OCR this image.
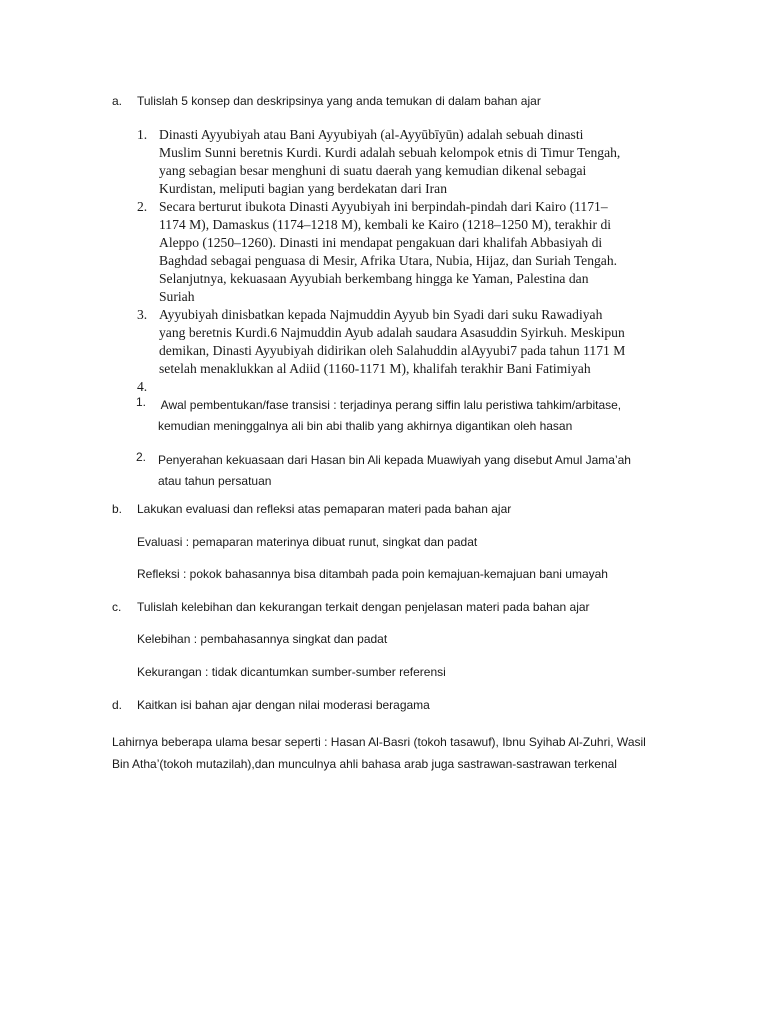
a. Tulislah 5 konsep dan deskripsinya yang anda temukan di dalam bahan ajar
1. Dinasti Ayyubiyah atau Bani Ayyubiyah (al-Ayyūbīyūn) adalah sebuah dinasti
Muslim Sunni beretnis Kurdi. Kurdi adalah sebuah kelompok etnis di Timur Tengah,
yang sebagian besar menghuni di suatu daerah yang kemudian dikenal sebagai
Kurdistan, meliputi bagian yang berdekatan dari Iran
2. Secara berturut ibukota Dinasti Ayyubiyah ini berpindah-pindah dari Kairo (1171–
1174 M), Damaskus (1174–1218 M), kembali ke Kairo (1218–1250 M), terakhir di
Aleppo (1250–1260). Dinasti ini mendapat pengakuan dari khalifah Abbasiyah di
Baghdad sebagai penguasa di Mesir, Afrika Utara, Nubia, Hijaz, dan Suriah Tengah.
Selanjutnya, kekuasaan Ayyubiah berkembang hingga ke Yaman, Palestina dan
Suriah
3. Ayyubiyah dinisbatkan kepada Najmuddin Ayyub bin Syadi dari suku Rawadiyah
yang beretnis Kurdi.6 Najmuddin Ayub adalah saudara Asasuddin Syirkuh. Meskipun
demikan, Dinasti Ayyubiyah didirikan oleh Salahuddin alAyyubi7 pada tahun 1171 M
setelah menaklukkan al Adiid (1160-1171 M), khalifah terakhir Bani Fatimiyah
4.
1. Awal pembentukan/fase transisi : terjadinya perang siffin lalu peristiwa tahkim/arbitase,
kemudian meninggalnya ali bin abi thalib yang akhirnya digantikan oleh hasan
2. Penyerahan kekuasaan dari Hasan bin Ali kepada Muawiyah yang disebut Amul Jama’ah
atau tahun persatuan
b. Lakukan evaluasi dan refleksi atas pemaparan materi pada bahan ajar
Evaluasi : pemaparan materinya dibuat runut, singkat dan padat
Refleksi : pokok bahasannya bisa ditambah pada poin kemajuan-kemajuan bani umayah
c. Tulislah kelebihan dan kekurangan terkait dengan penjelasan materi pada bahan ajar
Kelebihan : pembahasannya singkat dan padat
Kekurangan : tidak dicantumkan sumber-sumber referensi
d. Kaitkan isi bahan ajar dengan nilai moderasi beragama
Lahirnya beberapa ulama besar seperti : Hasan Al-Basri (tokoh tasawuf), Ibnu Syihab Al-Zuhri, Wasil
Bin Atha’(tokoh mutazilah),dan munculnya ahli bahasa arab juga sastrawan-sastrawan terkenal
